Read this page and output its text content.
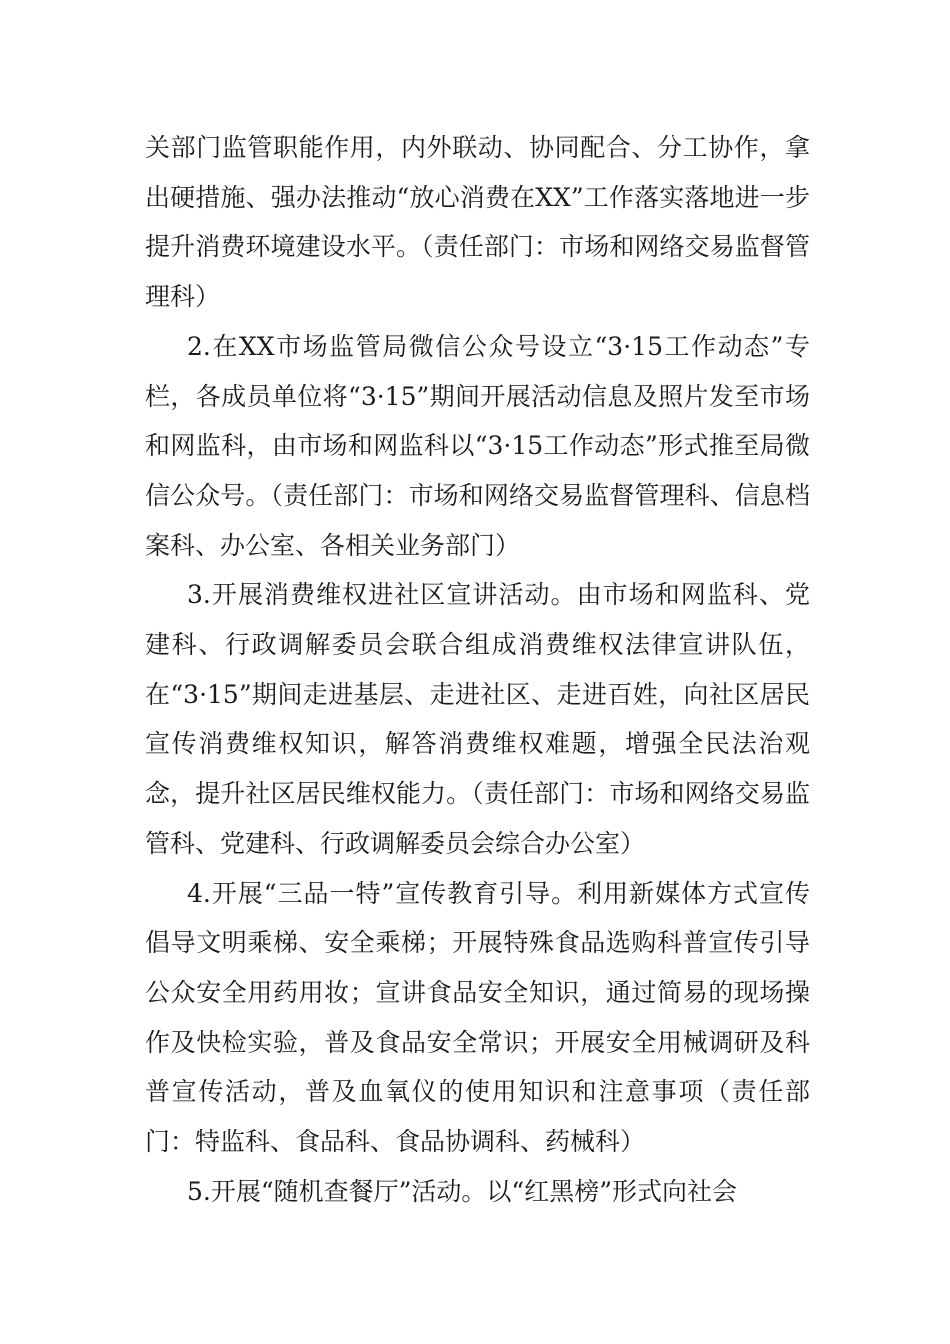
关部门监管职能作用，内外联动、协同配合、分工协作，拿出硬措施、强办法推动“放心消费在XX”工作落实落地进一步提升消费环境建设水平。（责任部门：市场和网络交易监督管理科）

2.在XX市场监管局微信公众号设立“3·15工作动态”专栏，各成员单位将“3·15”期间开展活动信息及照片发至市场和网监科，由市场和网监科以“3·15工作动态”形式推至局微信公众号。（责任部门：市场和网络交易监督管理科、信息档案科、办公室、各相关业务部门）

3.开展消费维权进社区宣讲活动。由市场和网监科、党建科、行政调解委员会联合组成消费维权法律宣讲队伍，在“3·15”期间走进基层、走进社区、走进百姓，向社区居民宣传消费维权知识，解答消费维权难题，增强全民法治观念，提升社区居民维权能力。（责任部门：市场和网络交易监管科、党建科、行政调解委员会综合办公室）

4.开展“三品一特”宣传教育引导。利用新媒体方式宣传倡导文明乘梯、安全乘梯；开展特殊食品选购科普宣传引导公众安全用药用妆；宣讲食品安全知识，通过简易的现场操作及快检实验，普及食品安全常识；开展安全用械调研及科普宣传活动，普及血氧仪的使用知识和注意事项（责任部门：特监科、食品科、食品协调科、药械科）

5.开展“随机查餐厅”活动。以“红黑榜”形式向社会
